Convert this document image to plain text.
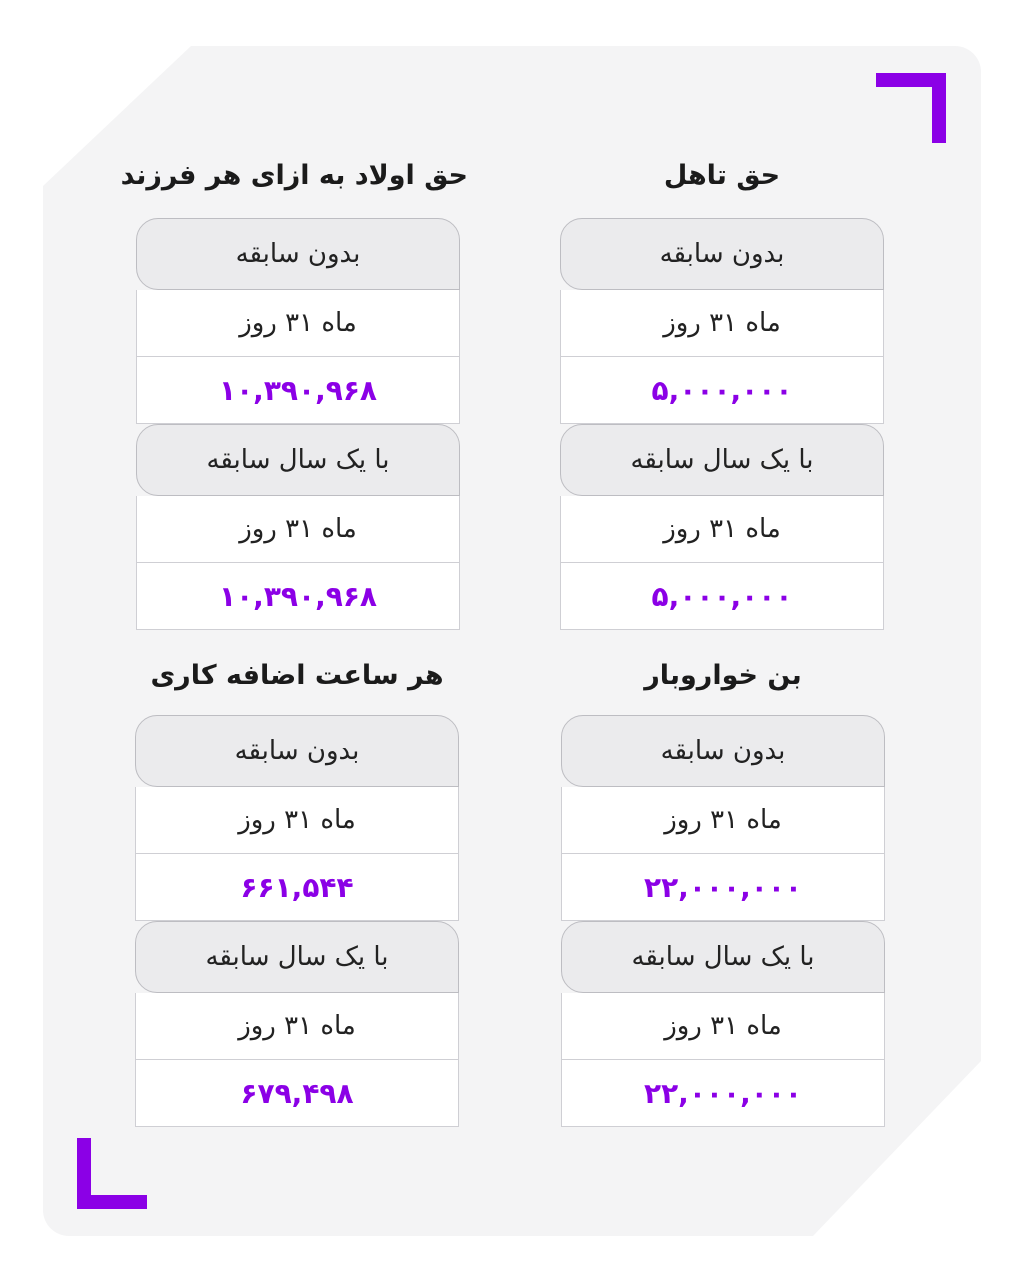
حق تاهل
بدون سابقه
ماه ۳۱ روز
۵,۰۰۰,۰۰۰
با یک سال سابقه
ماه ۳۱ روز
۵,۰۰۰,۰۰۰
حق اولاد به ازای هر فرزند
بدون سابقه
ماه ۳۱ روز
۱۰,۳۹۰,۹۶۸
با یک سال سابقه
ماه ۳۱ روز
۱۰,۳۹۰,۹۶۸
بن خواروبار
بدون سابقه
ماه ۳۱ روز
۲۲,۰۰۰,۰۰۰
با یک سال سابقه
ماه ۳۱ روز
۲۲,۰۰۰,۰۰۰
هر ساعت اضافه کاری
بدون سابقه
ماه ۳۱ روز
۶۶۱,۵۴۴
با یک سال سابقه
ماه ۳۱ روز
۶۷۹,۴۹۸
